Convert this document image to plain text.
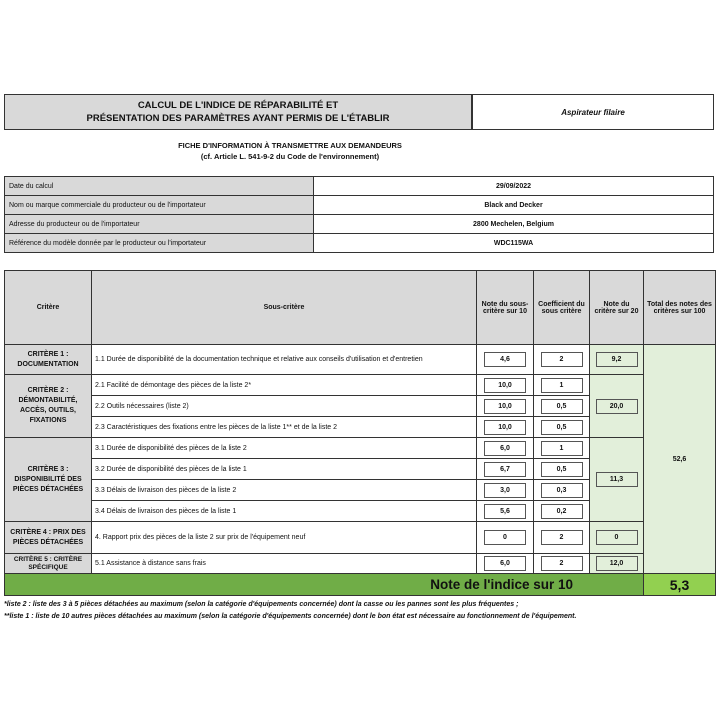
CALCUL DE L'INDICE DE RÉPARABILITÉ ET
PRÉSENTATION DES PARAMÈTRES AYANT PERMIS DE L'ÉTABLIR
Aspirateur filaire
FICHE D'INFORMATION À TRANSMETTRE AUX DEMANDEURS
(cf. Article L. 541-9-2 du Code de l'environnement)
Date du calcul	29/09/2022
Nom ou marque commerciale du producteur ou de l'importateur	Black and Decker
Adresse du producteur ou de l'importateur	2800 Mechelen, Belgium
Référence du modèle donnée par le producteur ou l'importateur	WDC115WA
Critère	Sous-critère	Note du sous-critère sur 10	Coefficient du sous critère	Note du critère sur 20	Total des notes des critères sur 100

CRITÈRE 1 :
DOCUMENTATION	1.1 Durée de disponibilité de la documentation technique et relative aux conseils d'utilisation et d'entretien	4,6	2	9,2	52,6

CRITÈRE 2 :
DÉMONTABILITÉ,
ACCÈS, OUTILS,
FIXATIONS	2.1 Facilité de démontage des pièces de la liste 2*	10,0	1	20,0	
	2.2 Outils nécessaires (liste 2)	10,0	0,5		
	2.3 Caractéristiques des fixations entre les pièces de la liste 1** et de la liste 2	10,0	0,5		

CRITÈRE 3 :
DISPONIBILITÉ DES
PIÈCES DÉTACHÉES	3.1 Durée de disponibilité des pièces de la liste 2	6,0	1	11,3	
	3.2 Durée de disponibilité des pièces de la liste 1	6,7	0,5		
	3.3 Délais de livraison des pièces de la liste 2	3,0	0,3		
	3.4 Délais de livraison des pièces de la liste 1	5,6	0,2		

CRITÈRE 4 : PRIX DES
PIÈCES DÉTACHÉES	4. Rapport prix des pièces de la liste 2 sur prix de l'équipement neuf	0	2	0	

CRITÈRE 5 : CRITÈRE
SPÉCIFIQUE	5.1 Assistance à distance sans frais	6,0	2	12,0	
Note de l'indice sur 10					5,3
*liste 2 : liste des 3 à 5 pièces détachées au maximum (selon la catégorie d'équipements concernée) dont la casse ou les pannes sont les plus fréquentes ;
**liste 1 : liste de 10 autres pièces détachées au maximum (selon la catégorie d'équipements concernée) dont le bon état est nécessaire au fonctionnement de l'équipement.
